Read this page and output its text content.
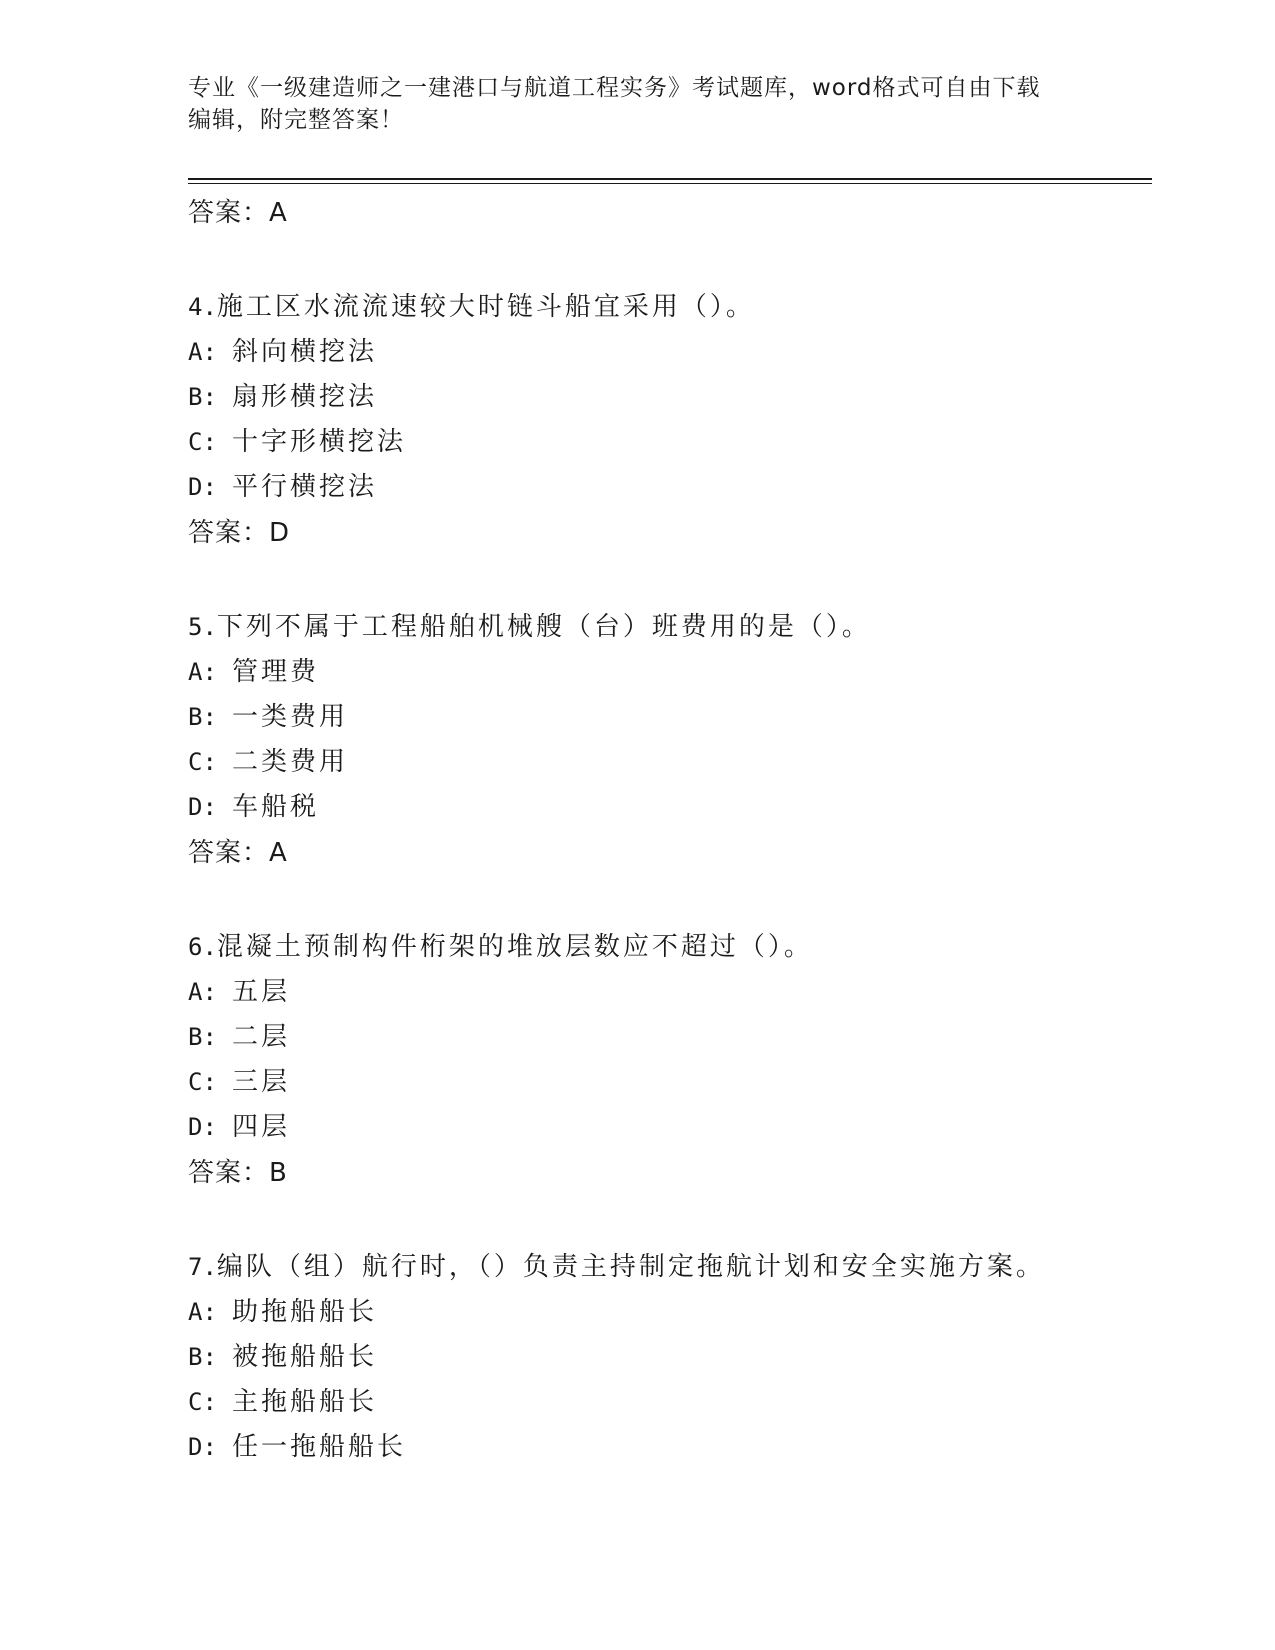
专业《一级建造师之一建港口与航道工程实务》考试题库，word格式可自由下载
编辑，附完整答案！
答案：A
4.施工区水流流速较大时链斗船宜采用（）。
A: 斜向横挖法
B: 扇形横挖法
C: 十字形横挖法
D: 平行横挖法
答案：D
5.下列不属于工程船舶机械艘（台）班费用的是（）。
A: 管理费
B: 一类费用
C: 二类费用
D: 车船税
答案：A
6.混凝土预制构件桁架的堆放层数应不超过（）。
A: 五层
B: 二层
C: 三层
D: 四层
答案：B
7.编队（组）航行时，（）负责主持制定拖航计划和安全实施方案。
A: 助拖船船长
B: 被拖船船长
C: 主拖船船长
D: 任一拖船船长
